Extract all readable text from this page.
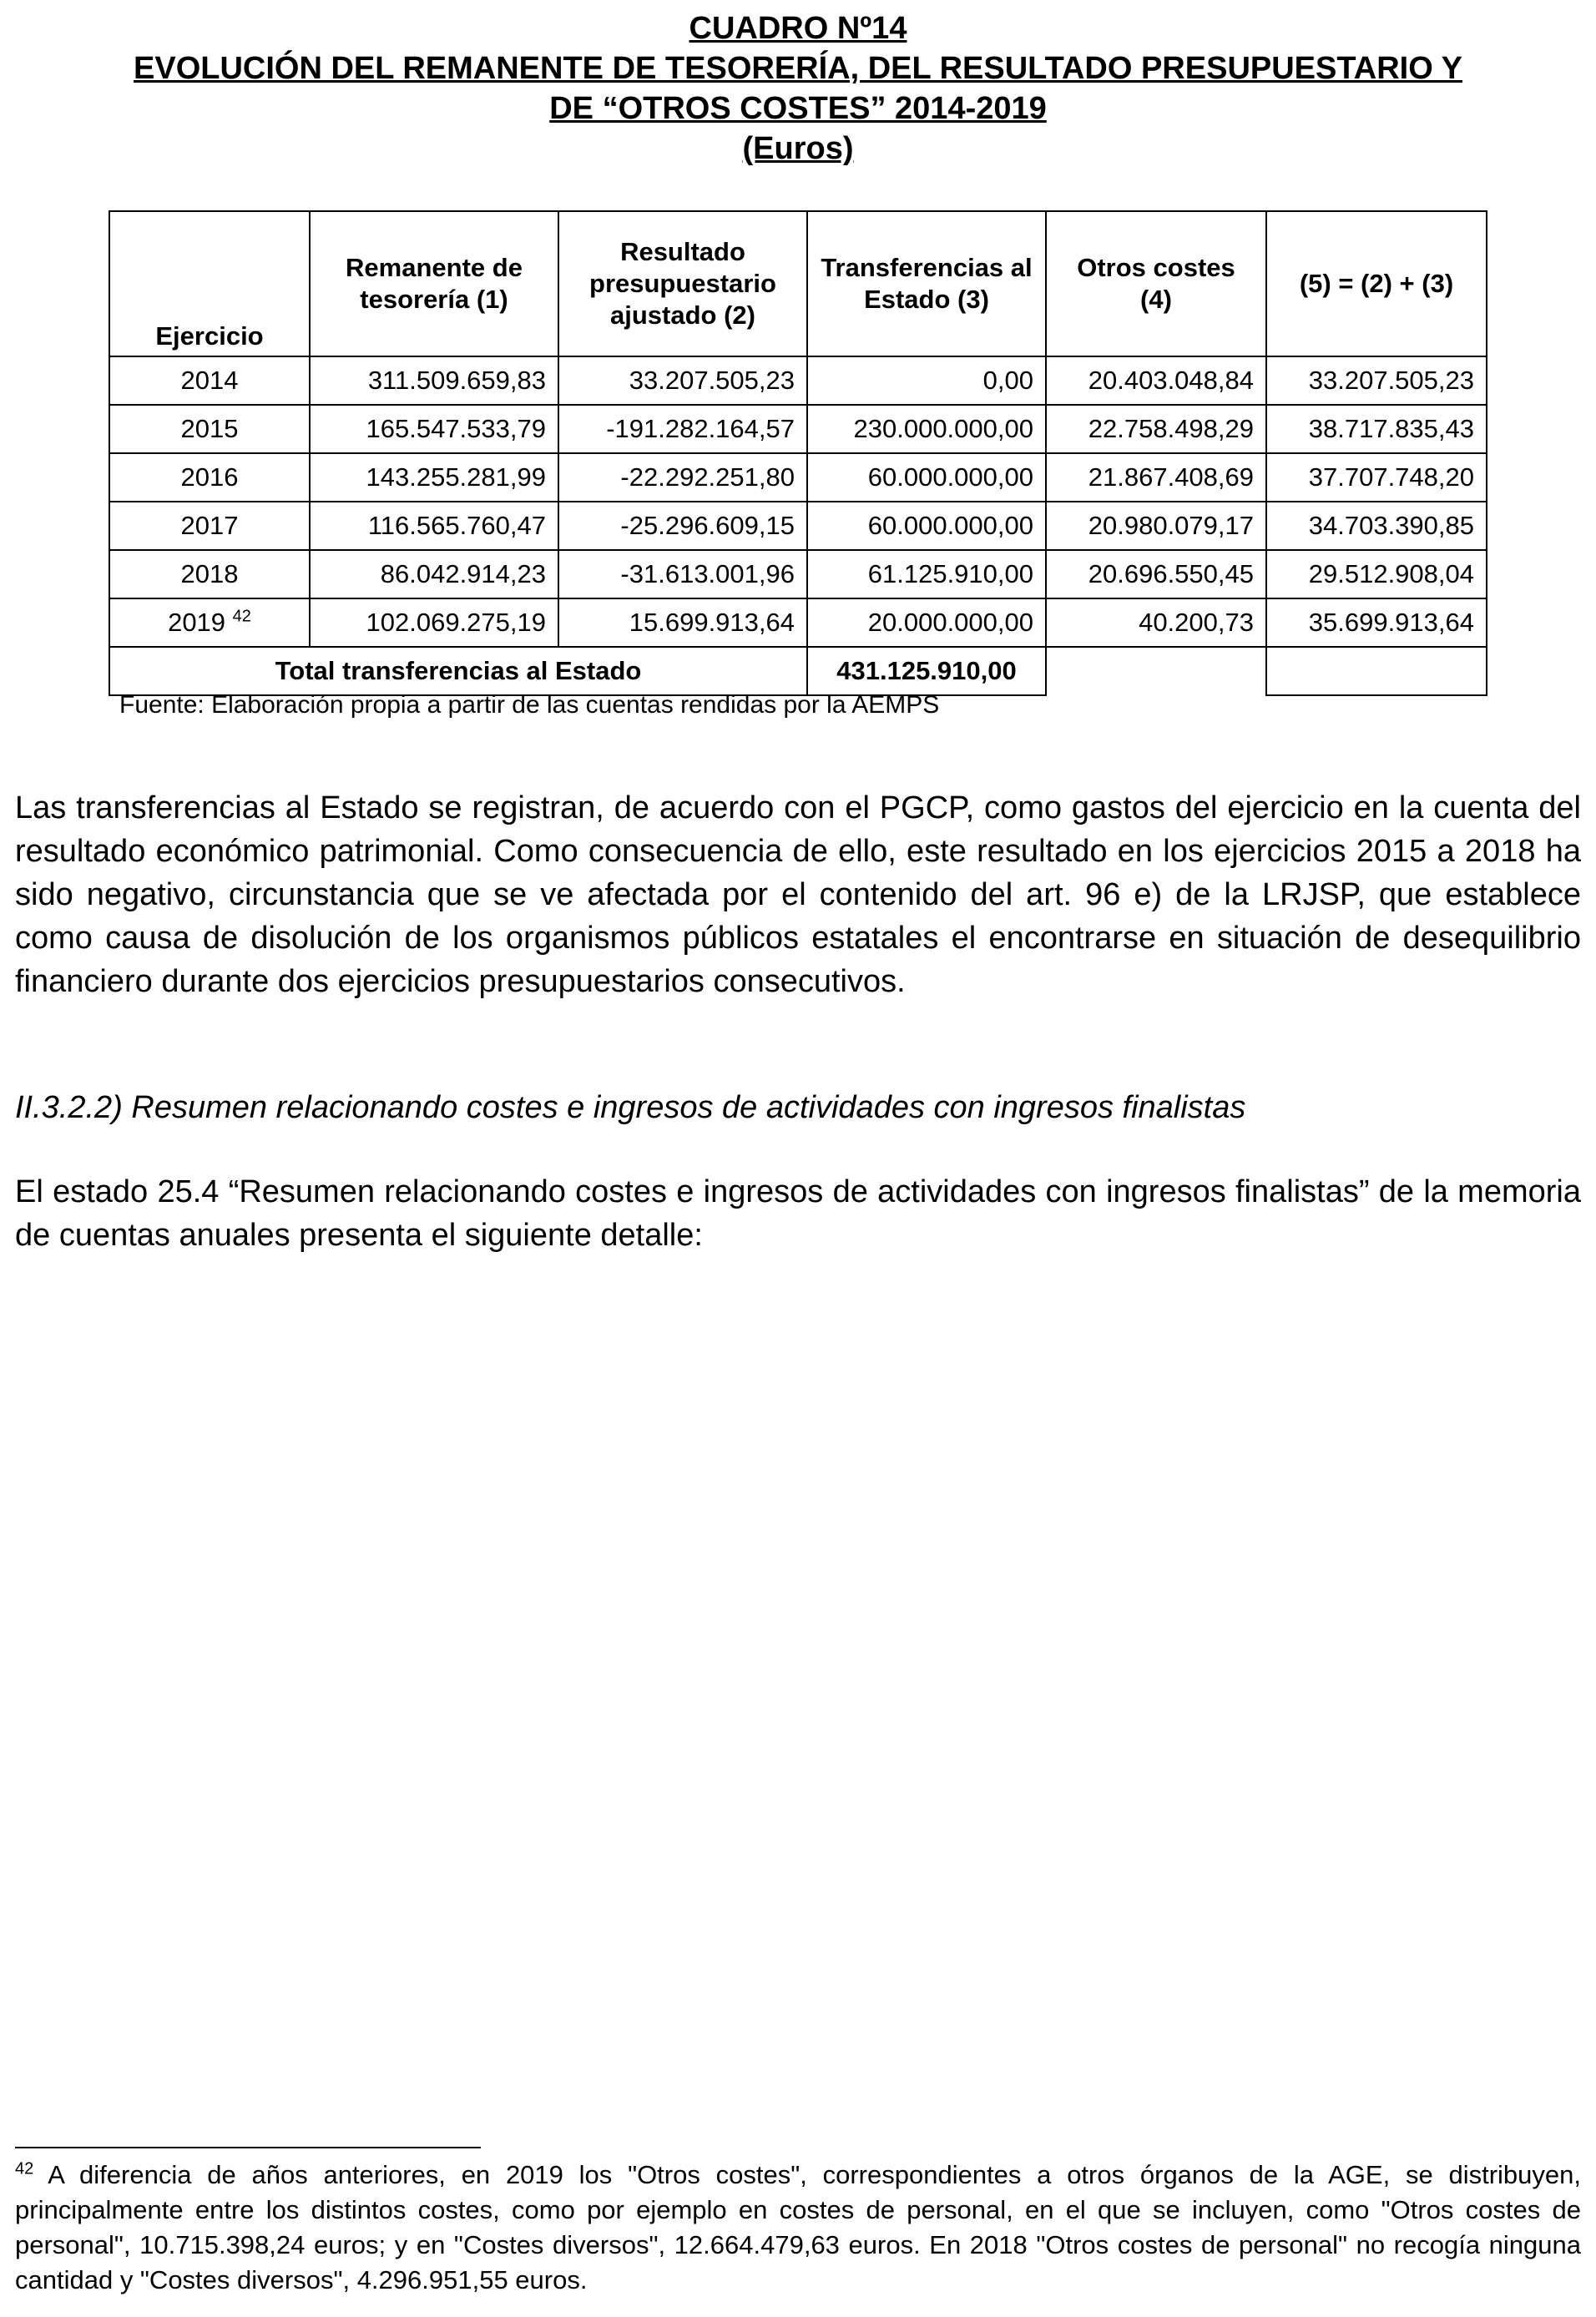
CUADRO Nº14
EVOLUCIÓN DEL REMANENTE DE TESORERÍA, DEL RESULTADO PRESUPUESTARIO Y
DE “OTROS COSTES” 2014-2019
(Euros)
Ejercicio	Remanente de tesorería (1)	Resultado presupuestario ajustado (2)	Transferencias al Estado (3)	Otros costes (4)	(5) = (2) + (3)
2014	311.509.659,83	33.207.505,23	0,00	20.403.048,84	33.207.505,23
2015	165.547.533,79	-191.282.164,57	230.000.000,00	22.758.498,29	38.717.835,43
2016	143.255.281,99	-22.292.251,80	60.000.000,00	21.867.408,69	37.707.748,20
2017	116.565.760,47	-25.296.609,15	60.000.000,00	20.980.079,17	34.703.390,85
2018	86.042.914,23	-31.613.001,96	61.125.910,00	20.696.550,45	29.512.908,04
2019 $^{42}$	102.069.275,19	15.699.913,64	20.000.000,00	40.200,73	35.699.913,64
Total transferencias al Estado			431.125.910,00		
Fuente: Elaboración propia a partir de las cuentas rendidas por la AEMPS

Las transferencias al Estado se registran, de acuerdo con el PGCP, como gastos del ejercicio en la cuenta del resultado económico patrimonial. Como consecuencia de ello, este resultado en los ejercicios 2015 a 2018 ha sido negativo, circunstancia que se ve afectada por el contenido del art. 96 e) de la LRJSP, que establece como causa de disolución de los organismos públicos estatales el encontrarse en situación de desequilibrio financiero durante dos ejercicios presupuestarios consecutivos.

II.3.2.2) Resumen relacionando costes e ingresos de actividades con ingresos finalistas

El estado 25.4 “Resumen relacionando costes e ingresos de actividades con ingresos finalistas” de la memoria de cuentas anuales presenta el siguiente detalle:

$^{42}$ A diferencia de años anteriores, en 2019 los "Otros costes", correspondientes a otros órganos de la AGE, se distribuyen, principalmente entre los distintos costes, como por ejemplo en costes de personal, en el que se incluyen, como "Otros costes de personal", 10.715.398,24 euros; y en "Costes diversos", 12.664.479,63 euros. En 2018 "Otros costes de personal" no recogía ninguna cantidad y "Costes diversos", 4.296.951,55 euros.
